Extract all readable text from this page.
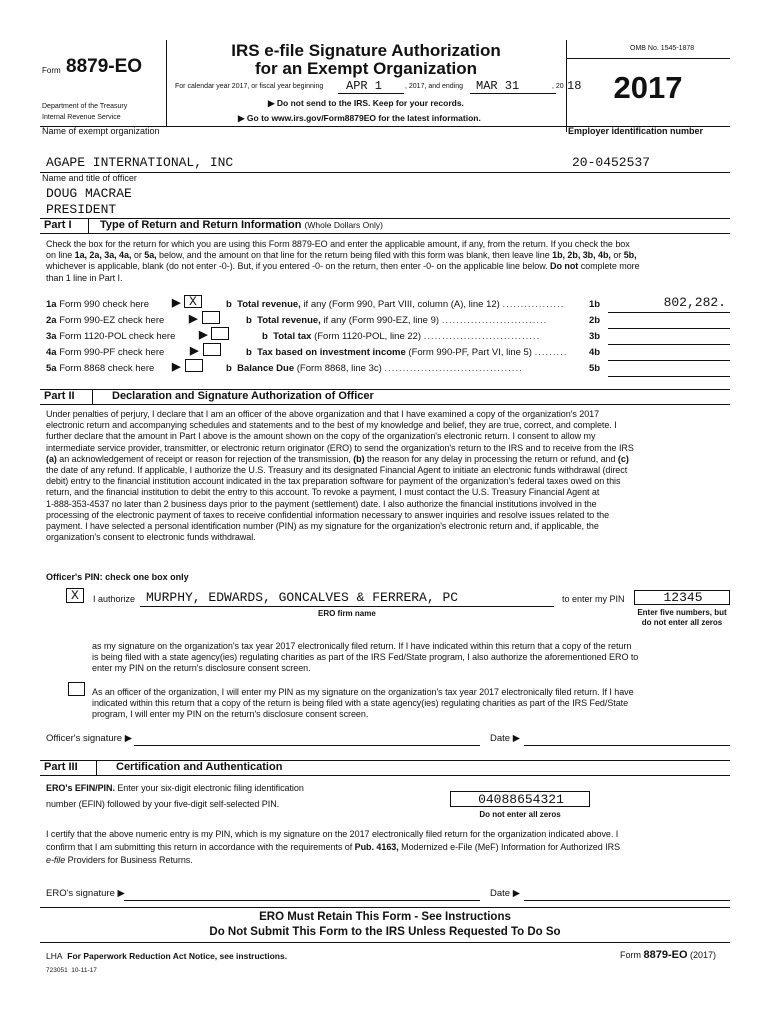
Form 8879-EO
Department of the Treasury
Internal Revenue Service
IRS e-file Signature Authorization
for an Exempt Organization
For calendar year 2017, or fiscal year beginning APR 1	, 2017, and ending MAR 31	, 20 18
▶ Do not send to the IRS. Keep for your records.
▶ Go to www.irs.gov/Form8879EO for the latest information.
OMB No. 1545-1878
2017
Name of exempt organization	Employer identification number
AGAPE INTERNATIONAL, INC	20-0452537
Name and title of officer
DOUG MACRAE
PRESIDENT
Part I	Type of Return and Return Information (Whole Dollars Only)
Check the box for the return for which you are using this Form 8879-EO and enter the applicable amount, if any, from the return. If you check the box
on line 1a, 2a, 3a, 4a, or 5a, below, and the amount on that line for the return being filed with this form was blank, then leave line 1b, 2b, 3b, 4b, or 5b,
whichever is applicable, blank (do not enter -0-). But, if you entered -0- on the return, then enter -0- on the applicable line below. Do not complete more
than 1 line in Part I.
1a Form 990 check here ▶ X	b Total revenue, if any (Form 990, Part VIII, column (A), line 12) .................	1b	802,282.
2a Form 990-EZ check here ▶	b Total revenue, if any (Form 990-EZ, line 9) .............................	2b
3a Form 1120-POL check here ▶	b Total tax (Form 1120-POL, line 22) ................................	3b
4a Form 990-PF check here ▶	b Tax based on investment income (Form 990-PF, Part VI, line 5) ......... 4b
5a Form 8868 check here ▶	b Balance Due (Form 8868, line 3c) ......................................	5b
Part II	Declaration and Signature Authorization of Officer
Under penalties of perjury, I declare that I am an officer of the above organization and that I have examined a copy of the organization's 2017
electronic return and accompanying schedules and statements and to the best of my knowledge and belief, they are true, correct, and complete. I
further declare that the amount in Part I above is the amount shown on the copy of the organization's electronic return. I consent to allow my
intermediate service provider, transmitter, or electronic return originator (ERO) to send the organization's return to the IRS and to receive from the IRS
(a) an acknowledgement of receipt or reason for rejection of the transmission, (b) the reason for any delay in processing the return or refund, and (c)
the date of any refund. If applicable, I authorize the U.S. Treasury and its designated Financial Agent to initiate an electronic funds withdrawal (direct
debit) entry to the financial institution account indicated in the tax preparation software for payment of the organization's federal taxes owed on this
return, and the financial institution to debit the entry to this account. To revoke a payment, I must contact the U.S. Treasury Financial Agent at
1-888-353-4537 no later than 2 business days prior to the payment (settlement) date. I also authorize the financial institutions involved in the
processing of the electronic payment of taxes to receive confidential information necessary to answer inquiries and resolve issues related to the
payment. I have selected a personal identification number (PIN) as my signature for the organization's electronic return and, if applicable, the
organization's consent to electronic funds withdrawal.
Officer's PIN: check one box only
X I authorize MURPHY, EDWARDS, GONCALVES & FERRERA, PC
ERO firm name
to enter my PIN	12345
Enter five numbers, but
do not enter all zeros
as my signature on the organization's tax year 2017 electronically filed return. If I have indicated within this return that a copy of the return
is being filed with a state agency(ies) regulating charities as part of the IRS Fed/State program, I also authorize the aforementioned ERO to
enter my PIN on the return's disclosure consent screen.
As an officer of the organization, I will enter my PIN as my signature on the organization's tax year 2017 electronically filed return. If I have
indicated within this return that a copy of the return is being filed with a state agency(ies) regulating charities as part of the IRS Fed/State
program, I will enter my PIN on the return's disclosure consent screen.
Officer's signature ▶	Date ▶
Part III	Certification and Authentication
ERO's EFIN/PIN. Enter your six-digit electronic filing identification
number (EFIN) followed by your five-digit self-selected PIN.	04088654321
Do not enter all zeros
I certify that the above numeric entry is my PIN, which is my signature on the 2017 electronically filed return for the organization indicated above. I
confirm that I am submitting this return in accordance with the requirements of Pub. 4163, Modernized e-File (MeF) Information for Authorized IRS
e-file Providers for Business Returns.
ERO's signature ▶	Date ▶
ERO Must Retain This Form - See Instructions
Do Not Submit This Form to the IRS Unless Requested To Do So
LHA For Paperwork Reduction Act Notice, see instructions.	Form 8879-EO (2017)
723051  10-11-17
